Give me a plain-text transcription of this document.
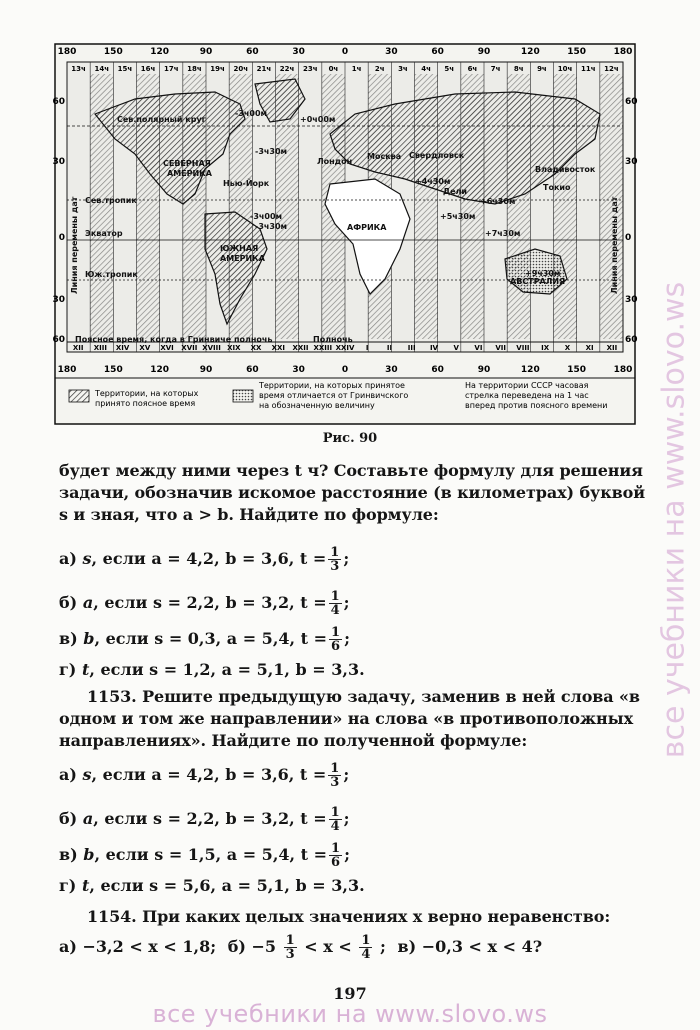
180	150	120	90	60	30	0	30	60	90	120	150	180
13ч 14ч 15ч 16ч 17ч 18ч 19ч 20ч 21ч 22ч 23ч 0ч 1ч 2ч 3ч 4ч 5ч 6ч 7ч 8ч 9ч 10ч 11ч 12ч
XII XIII XIV XV XVI XVII XVIII XIX XX XXI XXII XXIII XXIV I	II III IV V VI VII VIII IX X XI XII
180	150	120	90	60	30	0	30	60	90	120	150	180
60
30
0
30
60
60
30
0
30
60
Сев.полярный круг
СЕВЕРНАЯ
АМЕРИКА
Нью-Йорк
Сев.тропик
Экватор
Юж.тропик
ЮЖНАЯ
АМЕРИКА
АФРИКА
АВСТРАЛИЯ
Лондон
Москва Свердловск
Дели
Владивосток
Токио
Поясное время, когда в Гринвиче полночь	Полночь
-3ч00м
+0ч00м
-3ч30м
-3ч00м
-3ч30м
+4ч30м
+5ч30м
+6ч30м
+7ч30м
+9ч30м
Линия перемены дат	Линия перемены дат
Территории, на которых
принято поясное время
Территории, на которых принятое
время отличается от Гринвичского
на обозначенную величину
На территории СССР часовая
стрелка переведена на 1 час
вперед против поясного времени
Рис. 90
будет между ними через t ч? Составьте формулу для решения задачи, обозначив искомое расстояние (в километрах) буквой s и зная, что a > b. Найдите по формуле:
а) s, если a = 4,2, b = 3,6, $t = \frac{1}{3}$ ;
б) a, если s = 2,2, b = 3,2, $t = \frac{1}{4}$ ;
в) b, если s = 0,3, a = 5,4, $t = \frac{1}{6}$ ;
г) t, если s = 1,2, a = 5,1, b = 3,3.
1153. Решите предыдущую задачу, заменив в ней слова «в одном и том же направлении» на слова «в противоположных направлениях». Найдите по полученной формуле:
а) s, если a = 4,2, b = 3,6, $t = \frac{1}{3}$ ;
б) a, если s = 2,2, b = 3,2, $t = \frac{1}{4}$ ;
в) b, если s = 1,5, a = 5,4, $t = \frac{1}{6}$ ;
г) t, если s = 5,6, a = 5,1, b = 3,3.
1154. При каких целых значениях x верно неравенство:
а) −3,2 < x < 1,8; $б) -5 \frac{1}{3} < x < \frac{1}{4}$ ; в) −0,3 < x < 4?
197
все учебники на www.slovo.ws
все учебники на www.slovo.ws
